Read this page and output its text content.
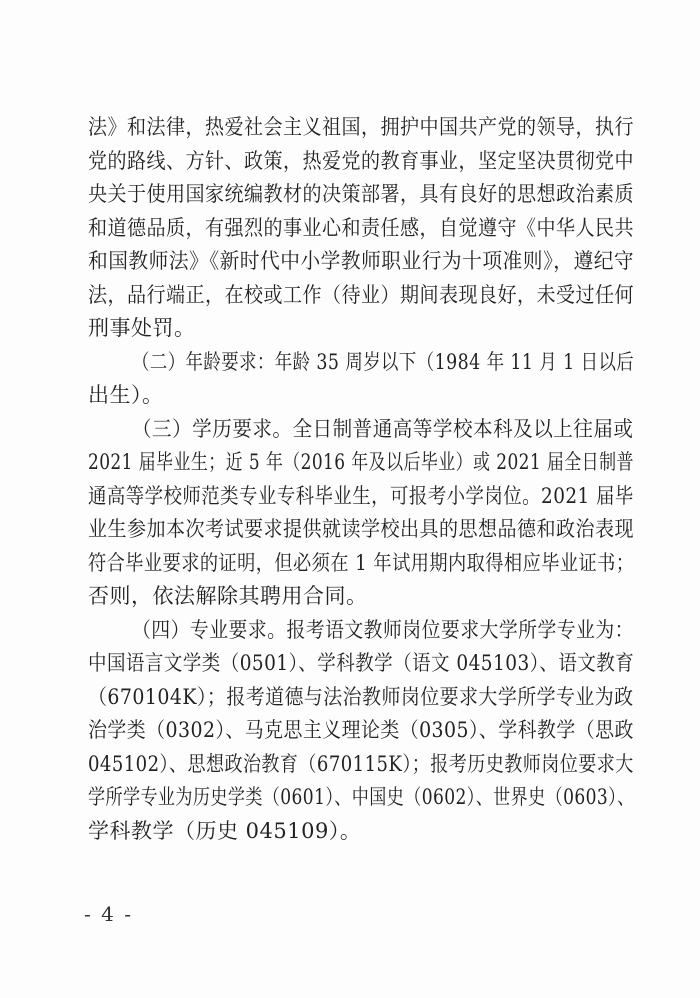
法》和法律，热爱社会主义祖国，拥护中国共产党的领导，执行
党的路线、方针、政策，热爱党的教育事业，坚定坚决贯彻党中
央关于使用国家统编教材的决策部署，具有良好的思想政治素质
和道德品质，有强烈的事业心和责任感，自觉遵守《中华人民共
和国教师法》《新时代中小学教师职业行为十项准则》，遵纪守
法，品行端正，在校或工作（待业）期间表现良好，未受过任何
刑事处罚。
（二）年龄要求：年龄 35 周岁以下（1984 年 11 月 1 日以后
出生）。
（三）学历要求。全日制普通高等学校本科及以上往届或
2021 届毕业生；近 5 年（2016 年及以后毕业）或 2021 届全日制普
通高等学校师范类专业专科毕业生，可报考小学岗位。2021 届毕
业生参加本次考试要求提供就读学校出具的思想品德和政治表现
符合毕业要求的证明，但必须在 1 年试用期内取得相应毕业证书；
否则，依法解除其聘用合同。
（四）专业要求。报考语文教师岗位要求大学所学专业为：
中国语言文学类（0501）、学科教学（语文 045103）、语文教育
（670104K）；报考道德与法治教师岗位要求大学所学专业为政
治学类（0302）、马克思主义理论类（0305）、学科教学（思政
045102）、思想政治教育（670115K）；报考历史教师岗位要求大
学所学专业为历史学类（0601）、中国史（0602）、世界史（0603）、
学科教学（历史 045109）。
- 4 -
